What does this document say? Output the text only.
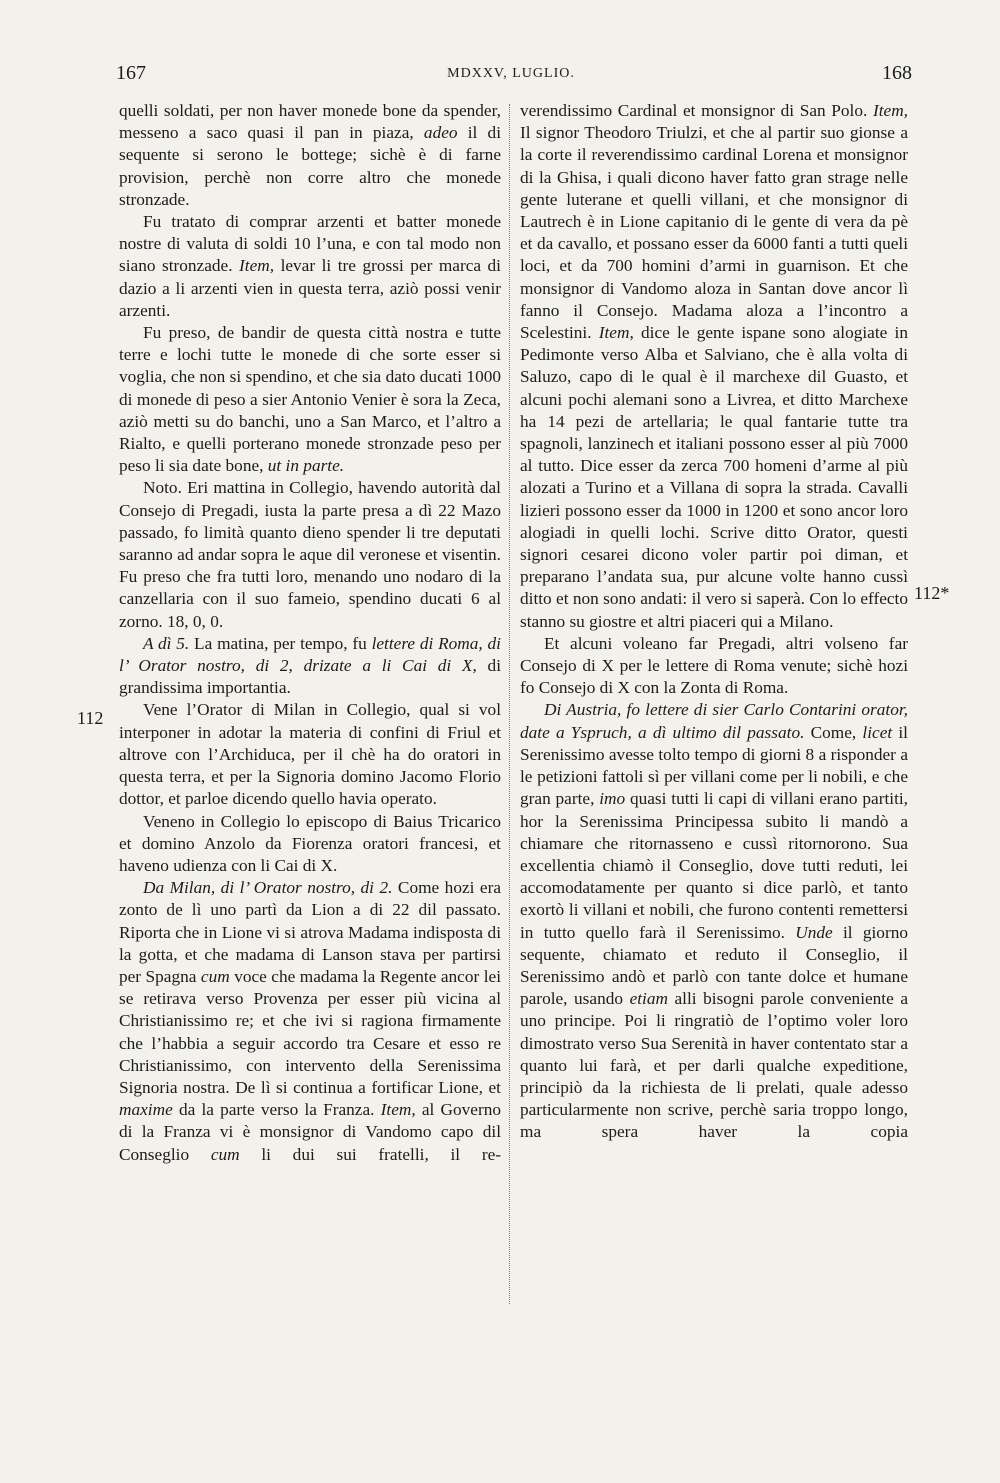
167	MDXXV, LUGLIO.	168
112
112*

quelli soldati, per non haver monede bone da spender, messeno a saco quasi il pan in piaza, adeo il di sequente si serono le bottege; sichè è di farne provision, perchè non corre altro che monede stronzade.

Fu tratato di comprar arzenti et batter monede nostre di valuta di soldi 10 l’una, e con tal modo non siano stronzade. Item, levar li tre grossi per marca di dazio a li arzenti vien in questa terra, aziò possi venir arzenti.

Fu preso, de bandir de questa città nostra e tutte terre e lochi tutte le monede di che sorte esser si voglia, che non si spendino, et che sia dato ducati 1000 di monede di peso a sier Antonio Venier è sora la Zeca, aziò metti su do banchi, uno a San Marco, et l’altro a Rialto, e quelli porterano monede stronzade peso per peso li sia date bone, ut in parte.

Noto. Eri mattina in Collegio, havendo autorità dal Consejo di Pregadi, iusta la parte presa a dì 22 Mazo passado, fo limità quanto dieno spender li tre deputati saranno ad andar sopra le aque dil veronese et visentin. Fu preso che fra tutti loro, menando uno nodaro di la canzellaria con il suo fameio, spendino ducati 6 al zorno. 18, 0, 0.

A dì 5. La matina, per tempo, fu lettere di Roma, di l’ Orator nostro, di 2, drizate a li Cai di X, di grandissima importantia.

Vene l’Orator di Milan in Collegio, qual si vol interponer in adotar la materia di confini di Friul et altrove con l’Archiduca, per il chè ha do oratori in questa terra, et per la Signoria domino Jacomo Florio dottor, et parloe dicendo quello havia operato.

Veneno in Collegio lo episcopo di Baius Tricarico et domino Anzolo da Fiorenza oratori francesi, et haveno udienza con li Cai di X.

Da Milan, di l’ Orator nostro, di 2. Come hozi era zonto de lì uno partì da Lion a di 22 dil passato. Riporta che in Lione vi si atrova Madama indisposta di la gotta, et che madama di Lanson stava per partirsi per Spagna cum voce che madama la Regente ancor lei se retirava verso Provenza per esser più vicina al Christianissimo re; et che ivi si ragiona firmamente che l’habbia a seguir accordo tra Cesare et esso re Christianissimo, con intervento della Serenissima Signoria nostra. De lì si continua a fortificar Lione, et maxime da la parte verso la Franza. Item, al Governo di la Franza vi è monsignor di Vandomo capo dil Conseglio cum li dui sui fratelli, il re-

verendissimo Cardinal et monsignor di San Polo. Item, Il signor Theodoro Triulzi, et che al partir suo gionse a la corte il reverendissimo cardinal Lorena et monsignor di la Ghisa, i quali dicono haver fatto gran strage nelle gente luterane et quelli villani, et che monsignor di Lautrech è in Lione capitanio di le gente di vera da pè et da cavallo, et possano esser da 6000 fanti a tutti queli loci, et da 700 homini d’armi in guarnison. Et che monsignor di Vandomo aloza in Santan dove ancor lì fanno il Consejo. Madama aloza a l’incontro a Scelestini. Item, dice le gente ispane sono alogiate in Pedimonte verso Alba et Salviano, che è alla volta di Saluzo, capo di le qual è il marchexe dil Guasto, et alcuni pochi alemani sono a Livrea, et ditto Marchexe ha 14 pezi de artellaria; le qual fantarie tutte tra spagnoli, lanzinech et italiani possono esser al più 7000 al tutto. Dice esser da zerca 700 homeni d’arme al più alozati a Turino et a Villana di sopra la strada. Cavalli lizieri possono esser da 1000 in 1200 et sono ancor loro alogiadi in quelli lochi. Scrive ditto Orator, questi signori cesarei dicono voler partir poi diman, et preparano l’andata sua, pur alcune volte hanno cussì ditto et non sono andati: il vero si saperà. Con lo effecto stanno su giostre et altri piaceri qui a Milano.

Et alcuni voleano far Pregadi, altri volseno far Consejo di X per le lettere di Roma venute; sichè hozi fo Consejo di X con la Zonta di Roma.

Di Austria, fo lettere di sier Carlo Contarini orator, date a Yspruch, a dì ultimo dil passato. Come, licet il Serenissimo avesse tolto tempo di giorni 8 a risponder a le petizioni fattoli sì per villani come per li nobili, e che gran parte, imo quasi tutti li capi di villani erano partiti, hor la Serenissima Principessa subito li mandò a chiamare che ritornasseno e cussì ritornorono. Sua excellentia chiamò il Conseglio, dove tutti reduti, lei accomodatamente per quanto si dice parlò, et tanto exortò li villani et nobili, che furono contenti remettersi in tutto quello farà il Serenissimo. Unde il giorno sequente, chiamato et reduto il Conseglio, il Serenissimo andò et parlò con tante dolce et humane parole, usando etiam alli bisogni parole conveniente a uno principe. Poi li ringratiò de l’optimo voler loro dimostrato verso Sua Serenità in haver contentato star a quanto lui farà, et per darli qualche expeditione, principiò da la richiesta de li prelati, quale adesso particularmente non scrive, perchè saria troppo longo, ma spera haver la copia
